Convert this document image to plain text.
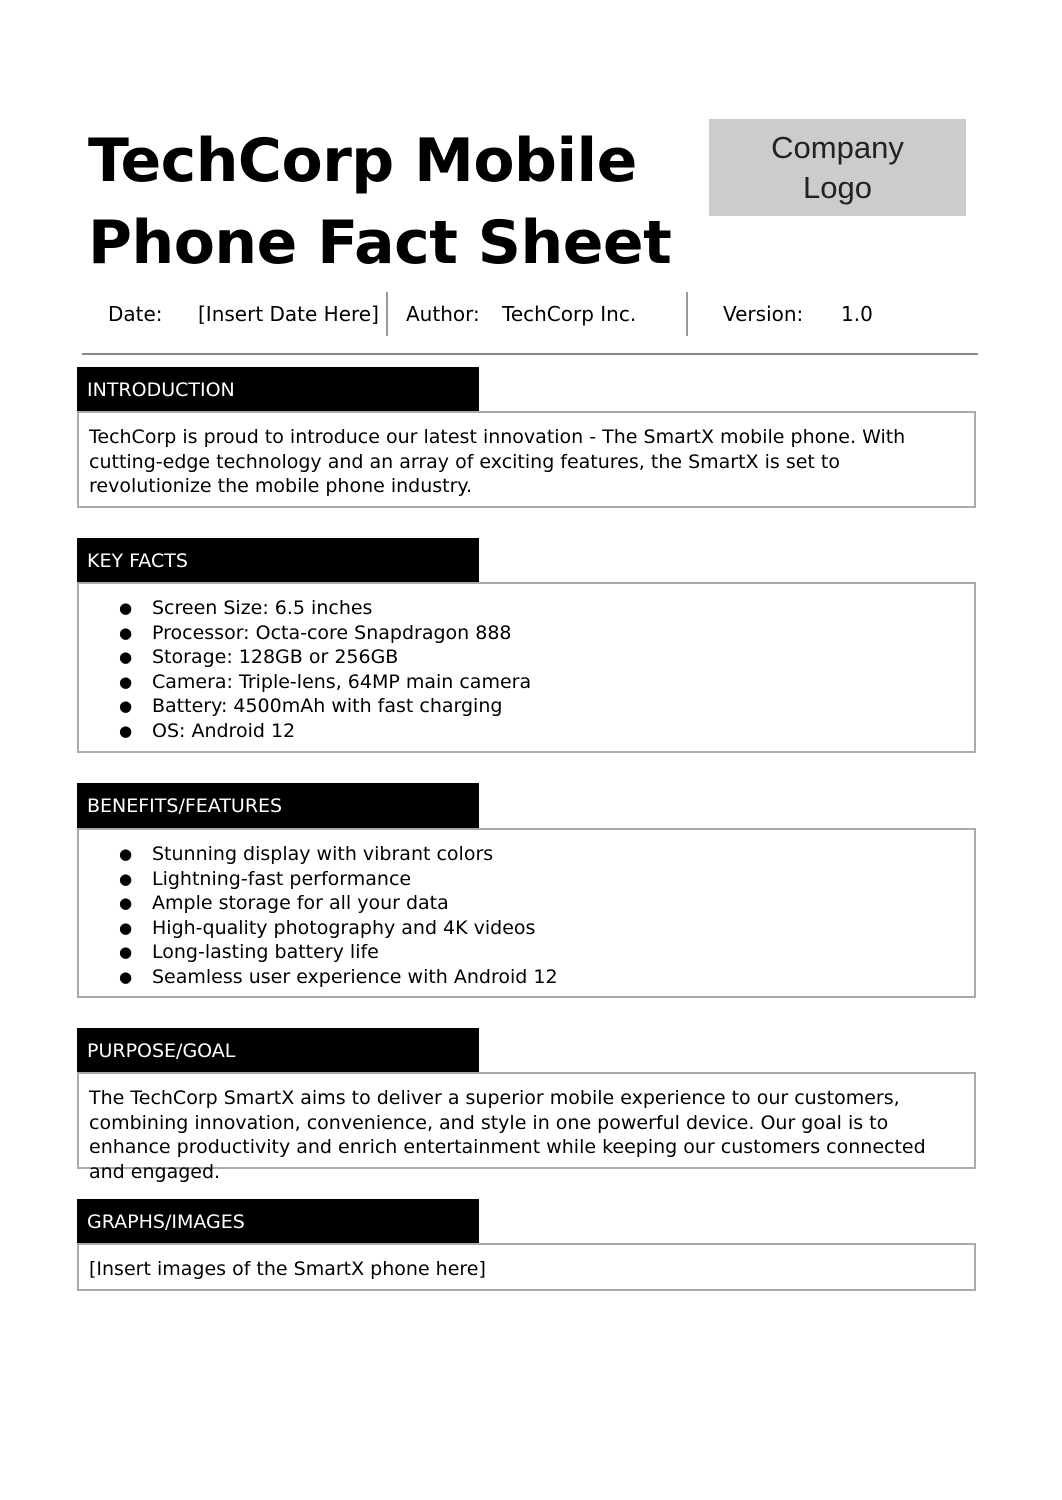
TechCorp Mobile
Phone Fact Sheet
Company
Logo
Date: [Insert Date Here] Author: TechCorp Inc.	Version: 1.0
INTRODUCTION

TechCorp is proud to introduce our latest innovation - The SmartX mobile phone. With cutting-edge technology and an array of exciting features, the SmartX is set to revolutionize the mobile phone industry.

KEY FACTS
● Screen Size: 6.5 inches
● Processor: Octa-core Snapdragon 888
● Storage: 128GB or 256GB
● Camera: Triple-lens, 64MP main camera
● Battery: 4500mAh with fast charging
● OS: Android 12
BENEFITS/FEATURES
● Stunning display with vibrant colors
● Lightning-fast performance
● Ample storage for all your data
● High-quality photography and 4K videos
● Long-lasting battery life
● Seamless user experience with Android 12
PURPOSE/GOAL

The TechCorp SmartX aims to deliver a superior mobile experience to our customers, combining innovation, convenience, and style in one powerful device. Our goal is to enhance productivity and enrich entertainment while keeping our customers connected and engaged.

GRAPHS/IMAGES

[Insert images of the SmartX phone here]
